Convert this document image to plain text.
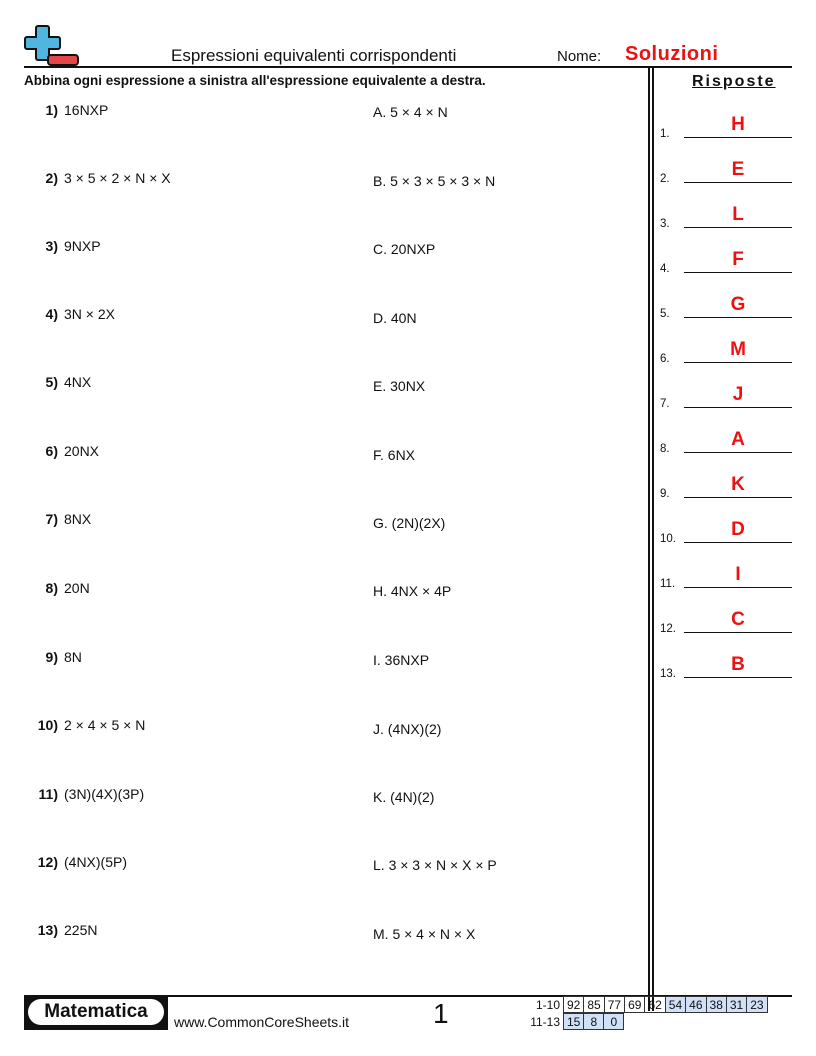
Espressioni equivalenti corrispondenti	Nome: Soluzioni
Abbina ogni espressione a sinistra all'espressione equivalente a destra.	Risposte
1) 16NXP
2) 3 × 5 × 2 × N × X
3) 9NXP
4) 3N × 2X
5) 4NX
6) 20NX
7) 8NX
8) 20N
9) 8N
10) 2 × 4 × 5 × N
11) (3N)(4X)(3P)
12) (4NX)(5P)
13) 225N
A. 5 × 4 × N
B. 5 × 3 × 5 × 3 × N
C. 20NXP
D. 40N
E. 30NX
F. 6NX
G. (2N)(2X)
H. 4NX × 4P
I. 36NXP
J. (4NX)(2)
K. (4N)(2)
L. 3 × 3 × N × X × P
M. 5 × 4 × N × X
1.	H
2.	E
3.	L
4.	F
5.	G
6.	M
7.	J
8.	A
9.	K
10.	D
11.	I
12.	C
13.	B
Matematica	www.CommonCoreSheets.it	1	1-10 92	85	77	69	62	54	46	38	31	23
11-13 15	8	0
